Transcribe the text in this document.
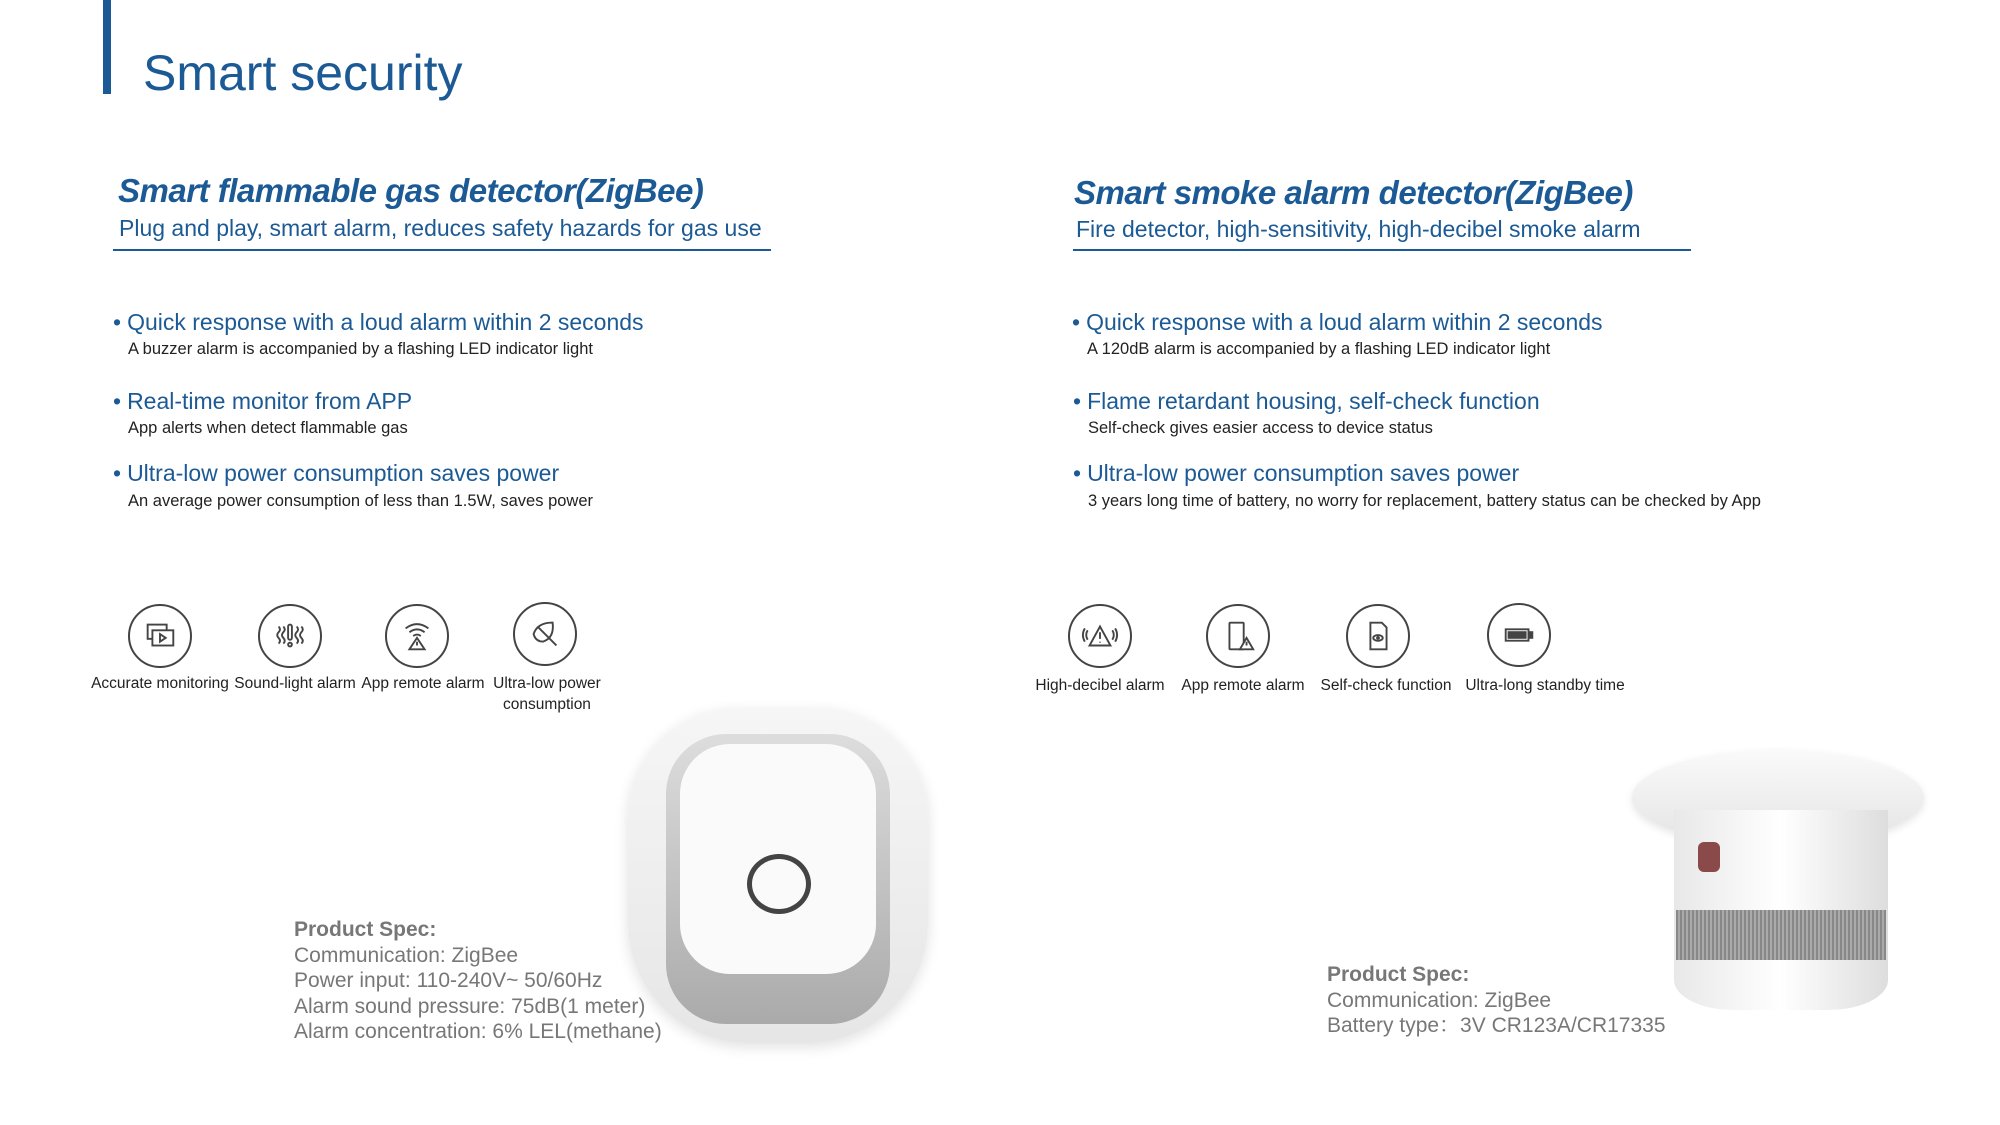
Smart security
Smart flammable gas detector(ZigBee)
Plug and play, smart alarm, reduces safety hazards for gas use
• Quick response with a loud alarm within 2 seconds
A buzzer alarm is accompanied by a flashing LED indicator light
• Real-time monitor from APP
App alerts when detect flammable gas
• Ultra-low power consumption saves power
An average power consumption of less than 1.5W, saves power
Accurate monitoring Sound-light alarm App remote alarm Ultra-low power consumption
Product Spec:
Communication: ZigBee
Power input: 110-240V~ 50/60Hz
Alarm sound pressure: 75dB(1 meter)
Alarm concentration: 6% LEL(methane)
Smart smoke alarm detector(ZigBee)
Fire detector, high-sensitivity, high-decibel smoke alarm
• Quick response with a loud alarm within 2 seconds
A 120dB alarm is accompanied by a flashing LED indicator light
• Flame retardant housing, self-check function
Self-check gives easier access to device status
• Ultra-low power consumption saves power
3 years long time of battery, no worry for replacement, battery status can be checked by App
High-decibel alarm	App remote alarm	Self-check function Ultra-long standby time
Product Spec:
Communication: ZigBee
Battery type：3V CR123A/CR17335
